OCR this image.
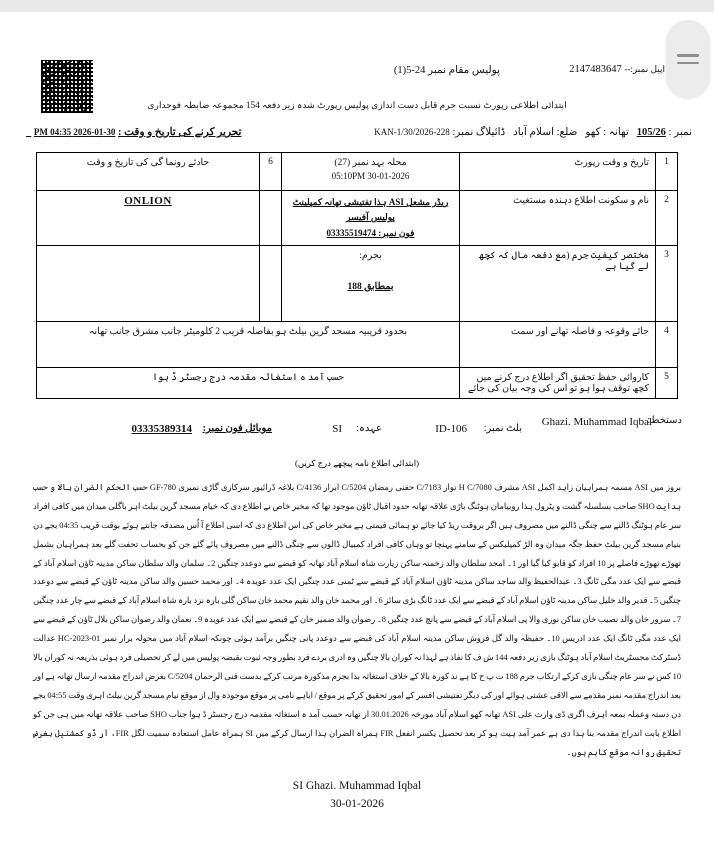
اپیل نمبر:-- 2147483647
پولیس مقام نمبر 24-5(1)
ابتدائی اطلاعی رپورٹ نسبت جرم قابل دست اندازی پولیس رپورٹ شدہ زیر دفعہ 154 مجموعہ ضابطہ فوجداری
نمبر : 105/26   تھانہ : کھو   ضلع: اسلام آباد   ڈائیلاگ نمبر: KAN-1/30/2026-228
تحریر کرنے کی تاریخ و وقت : 30-01-2026 04:35 PM
1	تاریخ و وقت رپورٹ	محلہ بہد نمبر (27)
30-01-2026 05:10PM	6	حادثے رونما گی کی تاریخ و وقت

2	نام و سکونت اطلاع دہندہ مستغیث	ریڈر مشعل ASI ہذا تفتیشی تھانہ کمپلینٹ پولیس آفیسر
فون نمبر: 03335519474		ONLION
3	مختصر کیفیت جرم (مع دفعہ مال کہ کچھ لے گیا ہے	بجرم:
بمطابق 188		

4	جائے وقوعہ و فاصلہ تھانے اور سمت	بحدود قریبیہ مسجد گرین بیلٹ ہو بفاصلہ قریب 2 کلومیٹر جانب مشرق جانب تھانہ		

5	کاروائی حفظ تحقیق اگر اطلاع درج کرنے میں کچھ توقف ہوا ہو تو اس کی وجہ بیان کی جائے	حسب آمد ہ استغاثہ مقدمہ درج رجسٹر ڈ ہوا		
دستخط:
Ghazi. Muhammad Iqbal
بلٹ نمبر:
106-ID
عہدہ:
SI
موبائل فون نمبر:
03335389314
(ابتدائی اطلاع نامہ پیچھے درج کریں)
بروز میں ASI مسمہ ہمراہیان زاہد اکمل ASI مشرف H C/7080 نواز C/7183 حفنی رمضان C/5204 ابرار C/4136 بلاغہ ڈرائیور سرکاری گاڑی نمبری GF-780 حسب الحکم الضران بالا و حسب ہدایت SHO صاحب بسلسلہ گشت و پٹرول ہذا روبیامان ہوٹنگ باڑی علاقہ تھانہ حدود اقبال ٹاؤن موجود تھا کہ مخبر خاص نے اطلاع دی کہ خیام مسجد گرین بیلٹ اہر باگلی میدان میں کافی افراد سر عام ہوٹنگ ڈالنے سے چنگی ڈالنے میں مصروف ہیں اگر بروقت ریڈ کیا جائے تو ہمائی قیمتی ہے مخبر خاص کی اس اطلاع دی کہ اسی اطلاع آ اُس مصدقہ جانتے ہوئے بوقت قریب 04:35 بجے دن بنیام مسجد گرین بیلٹ حفظ جگہ میدان وہ الڑ کمپلیکس کے سامنے پہنچا تو وہاں کافی افراد کمبیال ڈالوں سے چنگی ڈالنے میں مصروف پائے گئے جن کو بحساب تحفت گلے بعد ہمراہیان بشمل تھوڑے تھوڑے فاصلے پر 10 افراد کو قابو کیا گیا اور 1۔ امجد سلطان والد زخمتہ ساکن زیارت شاہ اسلام آباد تھانہ کو قبضے سے دوعدد چنگیں 2۔ سلمان والد سلطان ساکن مدینہ ٹاؤن اسلام آباد کے قبضے سے ایک عدد مگی ٹانگ 3۔ عبدالحفیظ والد ساجد ساکن مدینہ ٹاؤن اسلام آباد کے قبضے سے ٹمنی عدد چنگیں ایک عدد عویدہ 4۔ اور محمد حسین والد ساکن مدینہ ٹاؤن کے قبضے سے دوعدد چنگیں 5۔ قدیر والد خلیل ساکن مدینہ ٹاؤن اسلام آباد کے قبضے سے ایک عدد ٹانگ بڑی سائز 6۔ اور محمد خان والد نقیم محمد خان ساکن گلی بارہ نزد بارہ شاہ اسلام آباد کے قبضے سے چار عدد چنگیں 7۔ سرور خان والد نصیب خان ساکن نوری والا پی اسلام آباد کے قبضے سے پانچ عدد چنگیں 8۔ رضوان والد ضمیر خان کے قبضے سے ایک عدد عویدہ 9۔ نعمان والد رضوان ساکن بلال ٹاؤن کے قبضے سے ایک عدد مگی ٹانگ ایک عدد ادریس 10۔ حفیظہ والد گل فروش ساکن مدینہ اسلام آباد کی قبضے سے دوعدد پانی چنگیں برآمد ہوئی چونکہ اسلام آباد میں محولہ برار نمبر HC-2023-01 عدالت ڈسٹرکٹ مجسٹریٹ اسلام آباد ہوٹنگ بازی زیر دفعہ 144 ش ف کا نفاذ ہے لہذا نہ کوران بالا چنگیں وہ ادری بردے فرد بطور وجہ ثبوت بقبضہ پولیس میں لے کر تحصیلی فرد ہوئی بذریعہ نہ کوران بالا 10 کس نے سر عام چنگی بازی کرکے ارتکاب جرم 188 ت پ ح کا ہے نذ کورہ بالا کے خلاف استغاثہ بذا بجرم مذکورہ مرتب کرکے بدست قنی الرحمان C/5204 بغرض اندراج مقدمہ ارسال تھانہ ہے اور بعد اندراج مقدمہ نمبر مقدمے سے الاقی عشتی ہوائے اور کی دیگر تفتیشی افسر کے امور تحقیق کرکے پر موقع / ایاہے نامی پر موقع موجودہ وال از موقع نیام مسجد گرین بیلٹ اہری وقت 04:55 بجے دن دستہ وعملہ بمعہ اہرف اگری ڈی وارث علی ASI تھانہ کھو اسلام آباد مورخہ 30.01.2026 از تھانہ حسب آمد ہ استغاثہ مقدمہ درج رجسٹر ڈ ہوا جناب SHO صاحب علاقہ تھانہ میں ہی جن کو اطلاع بابت اندراج مقدمہ بنا ہذا دی ہے عمر آمد ہیت ہو کر بعد تحصیل یکسر انفعل FIR ہمراہ الضران ہذا ارسال کرکے میں SI ہمراہ عامل استعادہ سمیت لگل FIR، آر ڈو کمشنیل بغرض تحقیق روانہ موقع کاہم ہوں۔
SI Ghazi. Muhammad Iqbal
30-01-2026
